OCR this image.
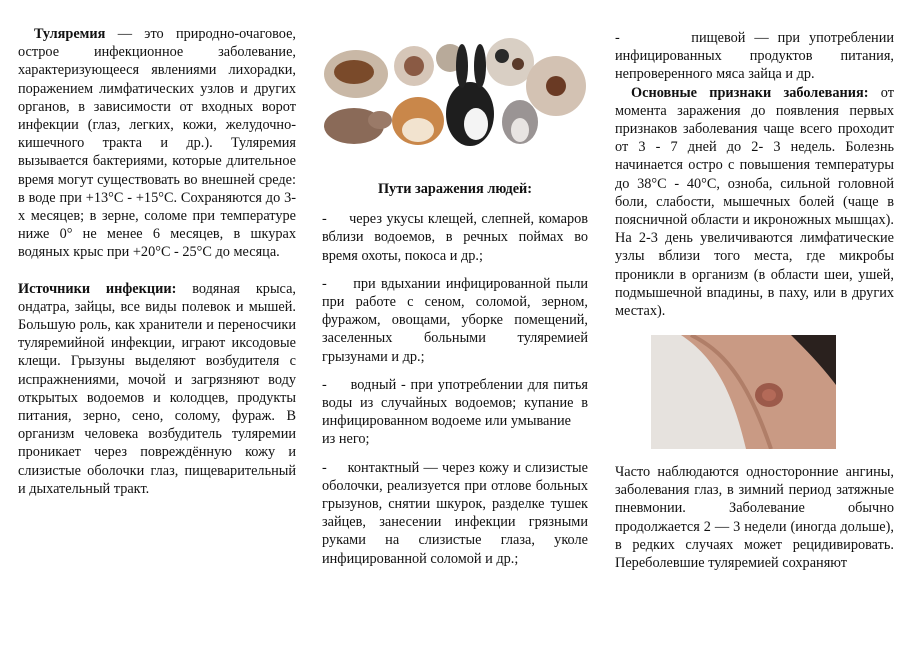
Туляремия — это природно-очаговое, острое инфекционное заболевание, характеризующееся явлениями лихорадки, поражением лимфатических узлов и других органов, в зависимости от входных ворот инфекции (глаз, легких, кожи, желудочно-кишечного тракта и др.). Туляремия вызывается бактериями, которые длительное время могут существовать во внешней среде: в воде при +13°С - +15°С. Сохраняются до 3-х месяцев; в зерне, соломе при температуре ниже 0° не менее 6 месяцев, в шкурах водяных крыс при +20°С - 25°С до месяца.

Источники инфекции: водяная крыса, ондатра, зайцы, все виды полевок и мышей. Большую роль, как хранители и переносчики туляремийной инфекции, играют иксодовые клещи. Грызуны выделяют возбудителя с испражнениями, мочой и загрязняют воду открытых водоемов и колодцев, продукты питания, зерно, сено, солому, фураж. В организм человека возбудитель туляремии проникает через повреждённую кожу и слизистые оболочки глаз, пищеварительный и дыхательный тракт.

Пути заражения людей:

-     через укусы клещей, слепней, комаров вблизи водоемов, в речных поймах во время охоты, покоса и др.;

-     при вдыхании инфицированной пыли при работе с сеном, соломой, зерном, фуражом, овощами, уборке помещений, заселенных больными туляремией грызунами и др.;

-     водный - при употреблении для питья воды из случайных водоемов; купание в инфицированном водоеме или умывание

из него;

-     контактный — через кожу и слизистые оболочки, реализуется при отлове больных грызунов, снятии шкурок, разделке тушек зайцев, занесении инфекции грязными руками на слизистые глаза, уколе инфицированной соломой и др.;

-        пищевой — при употреблении инфицированных продуктов питания, непроверенного мяса зайца и др.

Основные признаки заболевания: от момента заражения до появления первых признаков заболевания чаще всего проходит от 3 - 7 дней до 2- 3 недель. Болезнь начинается остро с повышения температуры до 38°С - 40°С, озноба, сильной головной боли, слабости, мышечных болей (чаще в поясничной области и икроножных мышцах). На 2-3 день увеличиваются лимфатические узлы вблизи того места, где микробы проникли в организм (в области шеи, ушей, подмышечной впадины, в паху, или в других местах).

Часто наблюдаются односторонние ангины, заболевания глаз, в зимний период затяжные пневмонии. Заболевание обычно продолжается 2 — 3 недели (иногда дольше), в редких случаях может рецидивировать. Переболевшие туляремией сохраняют
